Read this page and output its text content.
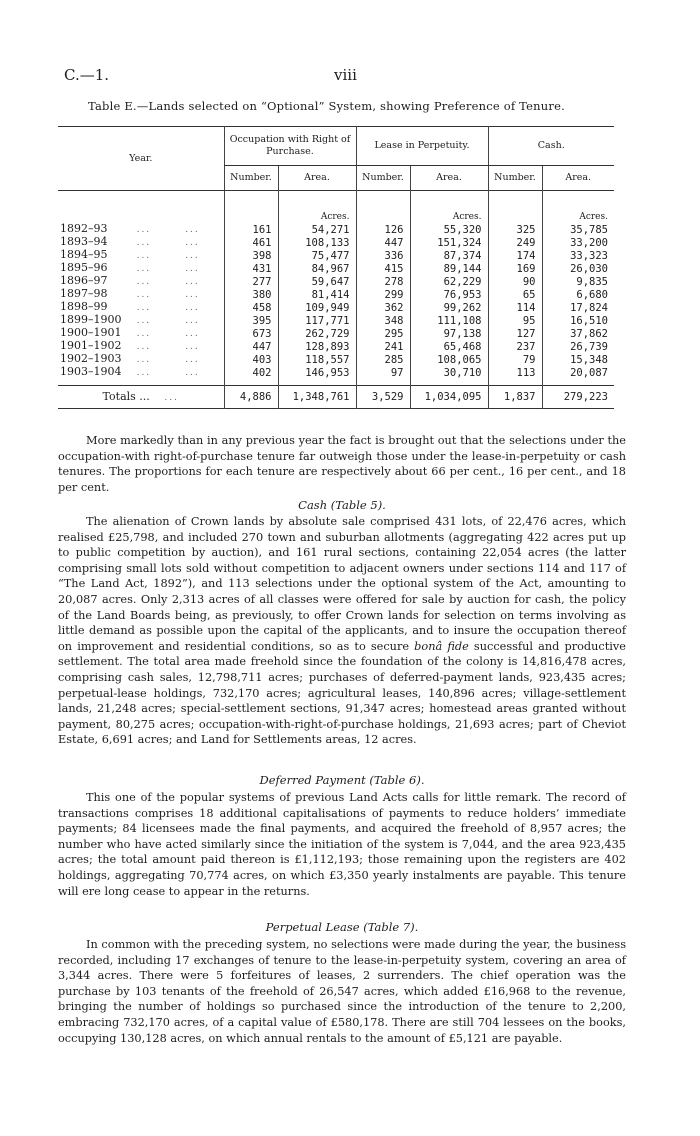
C.—1.	viii
Table E.—Lands selected on “Optional” System, showing Preference of Tenure.
Year.	Occupation with Right of Purchase.		Lease in Perpetuity.		Cash.	
	Number.	Area.	Number.	Area.	Number.	Area.

		Acres.		Acres.		Acres.
1892–93   ...       ...	161	54,271	126	55,320	325	35,785
1893–94   ...       ...	461	108,133	447	151,324	249	33,200
1894–95   ...       ...	398	75,477	336	87,374	174	33,323
1895–96   ...       ...	431	84,967	415	89,144	169	26,030
1896–97   ...       ...	277	59,647	278	62,229	90	9,835
1897–98   ...       ...	380	81,414	299	76,953	65	6,680
1898–99   ...       ...	458	109,949	362	99,262	114	17,824
1899–1900   ...       ...	395	117,771	348	111,108	95	16,510
1900–1901   ...       ...	673	262,729	295	97,138	127	37,862
1901–1902   ...       ...	447	128,893	241	65,468	237	26,739
1902–1903   ...       ...	403	118,557	285	108,065	79	15,348
1903–1904   ...       ...	402	146,953	97	30,710	113	20,087

Totals ...   ...	4,886	1,348,761	3,529	1,034,095	1,837	279,223

More markedly than in any previous year the fact is brought out that the selections under the occupation-with right-of-purchase tenure far outweigh those under the lease-in-perpetuity or cash tenures. The proportions for each tenure are respectively about 66 per cent., 16 per cent., and 18 per cent.

Cash (Table 5).

The alienation of Crown lands by absolute sale comprised 431 lots, of 22,476 acres, which realised £25,798, and included 270 town and suburban allotments (aggregating 422 acres put up to public competition by auction), and 161 rural sections, containing 22,054 acres (the latter comprising small lots sold without competition to adjacent owners under sections 114 and 117 of “The Land Act, 1892”), and 113 selections under the optional system of the Act, amounting to 20,087 acres. Only 2,313 acres of all classes were offered for sale by auction for cash, the policy of the Land Boards being, as previously, to offer Crown lands for selection on terms involving as little demand as possible upon the capital of the applicants, and to insure the occupation thereof on improvement and residential conditions, so as to secure bonâ fide successful and productive settlement. The total area made freehold since the foundation of the colony is 14,816,478 acres, comprising cash sales, 12,798,711 acres; purchases of deferred-payment lands, 923,435 acres; perpetual-lease holdings, 732,170 acres; agricultural leases, 140,896 acres; village-settlement lands, 21,248 acres; special-settlement sections, 91,347 acres; homestead areas granted without payment, 80,275 acres; occupation-with-right-of-purchase holdings, 21,693 acres; part of Cheviot Estate, 6,691 acres; and Land for Settlements areas, 12 acres.

Deferred Payment (Table 6).

This one of the popular systems of previous Land Acts calls for little remark. The record of transactions comprises 18 additional capitalisations of payments to reduce holders’ immediate payments; 84 licensees made the final payments, and acquired the freehold of 8,957 acres; the number who have acted similarly since the initiation of the system is 7,044, and the area 923,435 acres; the total amount paid thereon is £1,112,193; those remaining upon the registers are 402 holdings, aggregating 70,774 acres, on which £3,350 yearly instalments are payable. This tenure will ere long cease to appear in the returns.

Perpetual Lease (Table 7).

In common with the preceding system, no selections were made during the year, the business recorded, including 17 exchanges of tenure to the lease-in-perpetuity system, covering an area of 3,344 acres. There were 5 forfeitures of leases, 2 surrenders. The chief operation was the purchase by 103 tenants of the freehold of 26,547 acres, which added £16,968 to the revenue, bringing the number of holdings so purchased since the introduction of the tenure to 2,200, embracing 732,170 acres, of a capital value of £580,178. There are still 704 lessees on the books, occupying 130,128 acres, on which annual rentals to the amount of £5,121 are payable.
